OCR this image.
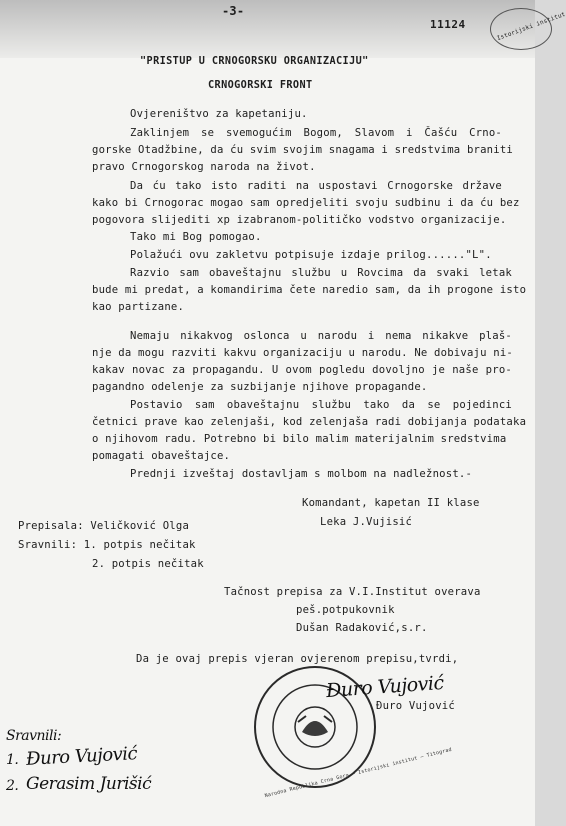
-3-
11124	Istorijski institut
"PRISTUP U CRNOGORSKU ORGANIZACIJU"
CRNOGORSKI FRONT
Ovjereništvo za kapetaniju.
Zaklinjem se svemogućim Bogom, Slavom i Čašću Crno-
gorske Otadžbine, da ću svim svojim snagama i sredstvima braniti
pravo Crnogorskog naroda na život.
Da ću tako isto raditi na uspostavi Crnogorske države
kako bi Crnogorac mogao sam opredjeliti svoju sudbinu i da ću bez
pogovora slijediti xp izabranom-političko vodstvo organizacije.
Tako mi Bog pomogao.
Polažući ovu zakletvu potpisuje izdaje prilog......"L".
Razvio sam obaveštajnu službu u Rovcima da svaki letak
bude mi predat, a komandirima čete naredio sam, da ih progone isto
kao partizane.
Nemaju nikakvog oslonca u narodu i nema nikakve plaš-
nje da mogu razviti kakvu organizaciju u narodu. Ne dobivaju ni-
kakav novac za propagandu. U ovom pogledu dovoljno je naše pro-
pagandno odelenje za suzbijanje njihove propagande.
Postavio sam obaveštajnu službu tako da se pojedinci
četnici prave kao zelenjaši, kod zelenjaša radi dobijanja podataka
o njihovom radu. Potrebno bi bilo malim materijalnim sredstvima
pomagati obaveštajce.
Prednji izveštaj dostavljam s molbom na nadležnost.-
Komandant, kapetan II klase
Leka J.Vujisić
Prepisala: Veličković Olga
Sravnili: 1. potpis nečitak
2. potpis nečitak
Tačnost prepisa za V.I.Institut overava
peš.potpukovnik
Dušan Radaković,s.r.
Da je ovaj prepis vjeran ovjerenom prepisu,tvrdi,
Narodna Republika Crna Gora — Istorijski institut — Titograd
Đuro Vujović
Đuro Vujović
Sravnili:
1. Đuro Vujović
2. Gerasim Jurišić
